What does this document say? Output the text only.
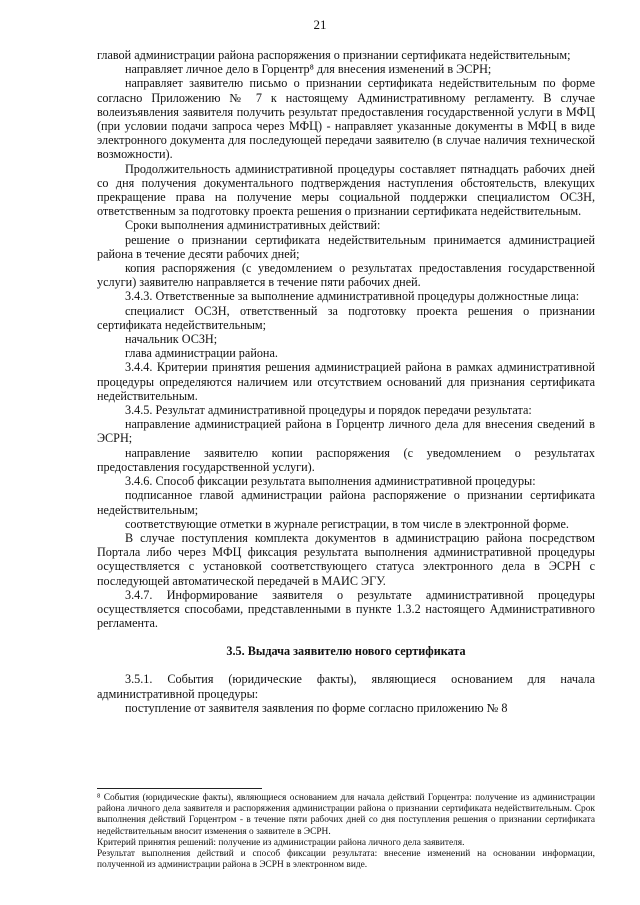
21

главой администрации района распоряжения о признании сертификата недействительным;

направляет личное дело в Горцентр⁸ для внесения изменений в ЭСРН;

направляет заявителю письмо о признании сертификата недействительным по форме согласно Приложению № 7 к настоящему Административному регламенту. В случае волеизъявления заявителя получить результат предоставления государственной услуги в МФЦ (при условии подачи запроса через МФЦ) - направляет указанные документы в МФЦ в виде электронного документа для последующей передачи заявителю (в случае наличия технической возможности).

Продолжительность административной процедуры составляет пятнадцать рабочих дней со дня получения документального подтверждения наступления обстоятельств, влекущих прекращение права на получение меры социальной поддержки специалистом ОСЗН, ответственным за подготовку проекта решения о признании сертификата недействительным.

Сроки выполнения административных действий:

решение о признании сертификата недействительным принимается администрацией района в течение десяти рабочих дней;

копия распоряжения (с уведомлением о результатах предоставления государственной услуги) заявителю направляется в течение пяти рабочих дней.

3.4.3. Ответственные за выполнение административной процедуры должностные лица:

специалист ОСЗН, ответственный за подготовку проекта решения о признании сертификата недействительным;

начальник ОСЗН;

глава администрации района.

3.4.4. Критерии принятия решения администрацией района в рамках административной процедуры определяются наличием или отсутствием оснований для признания сертификата недействительным.

3.4.5. Результат административной процедуры и порядок передачи результата:

направление администрацией района в Горцентр личного дела для внесения сведений в ЭСРН;

направление заявителю копии распоряжения (с уведомлением о результатах предоставления государственной услуги).

3.4.6. Способ фиксации результата выполнения административной процедуры:

подписанное главой администрации района распоряжение о признании сертификата недействительным;

соответствующие отметки в журнале регистрации, в том числе в электронной форме.

В случае поступления комплекта документов в администрацию района посредством Портала либо через МФЦ фиксация результата выполнения административной процедуры осуществляется с установкой соответствующего статуса электронного дела в ЭСРН с последующей автоматической передачей в МАИС ЭГУ.

3.4.7. Информирование заявителя о результате административной процедуры осуществляется способами, представленными в пункте 1.3.2 настоящего Административного регламента.

3.5. Выдача заявителю нового сертификата

3.5.1. События (юридические факты), являющиеся основанием для начала административной процедуры:

поступление от заявителя заявления по форме согласно приложению № 8

⁸ События (юридические факты), являющиеся основанием для начала действий Горцентра: получение из администрации района личного дела заявителя и распоряжения администрации района о признании сертификата недействительным. Срок выполнения действий Горцентром - в течение пяти рабочих дней со дня поступления решения о признании сертификата недействительным вносит изменения о заявителе в ЭСРН.

Критерий принятия решений: получение из администрации района личного дела заявителя.

Результат выполнения действий и способ фиксации результата: внесение изменений на основании информации, полученной из администрации района в ЭСРН в электронном виде.
